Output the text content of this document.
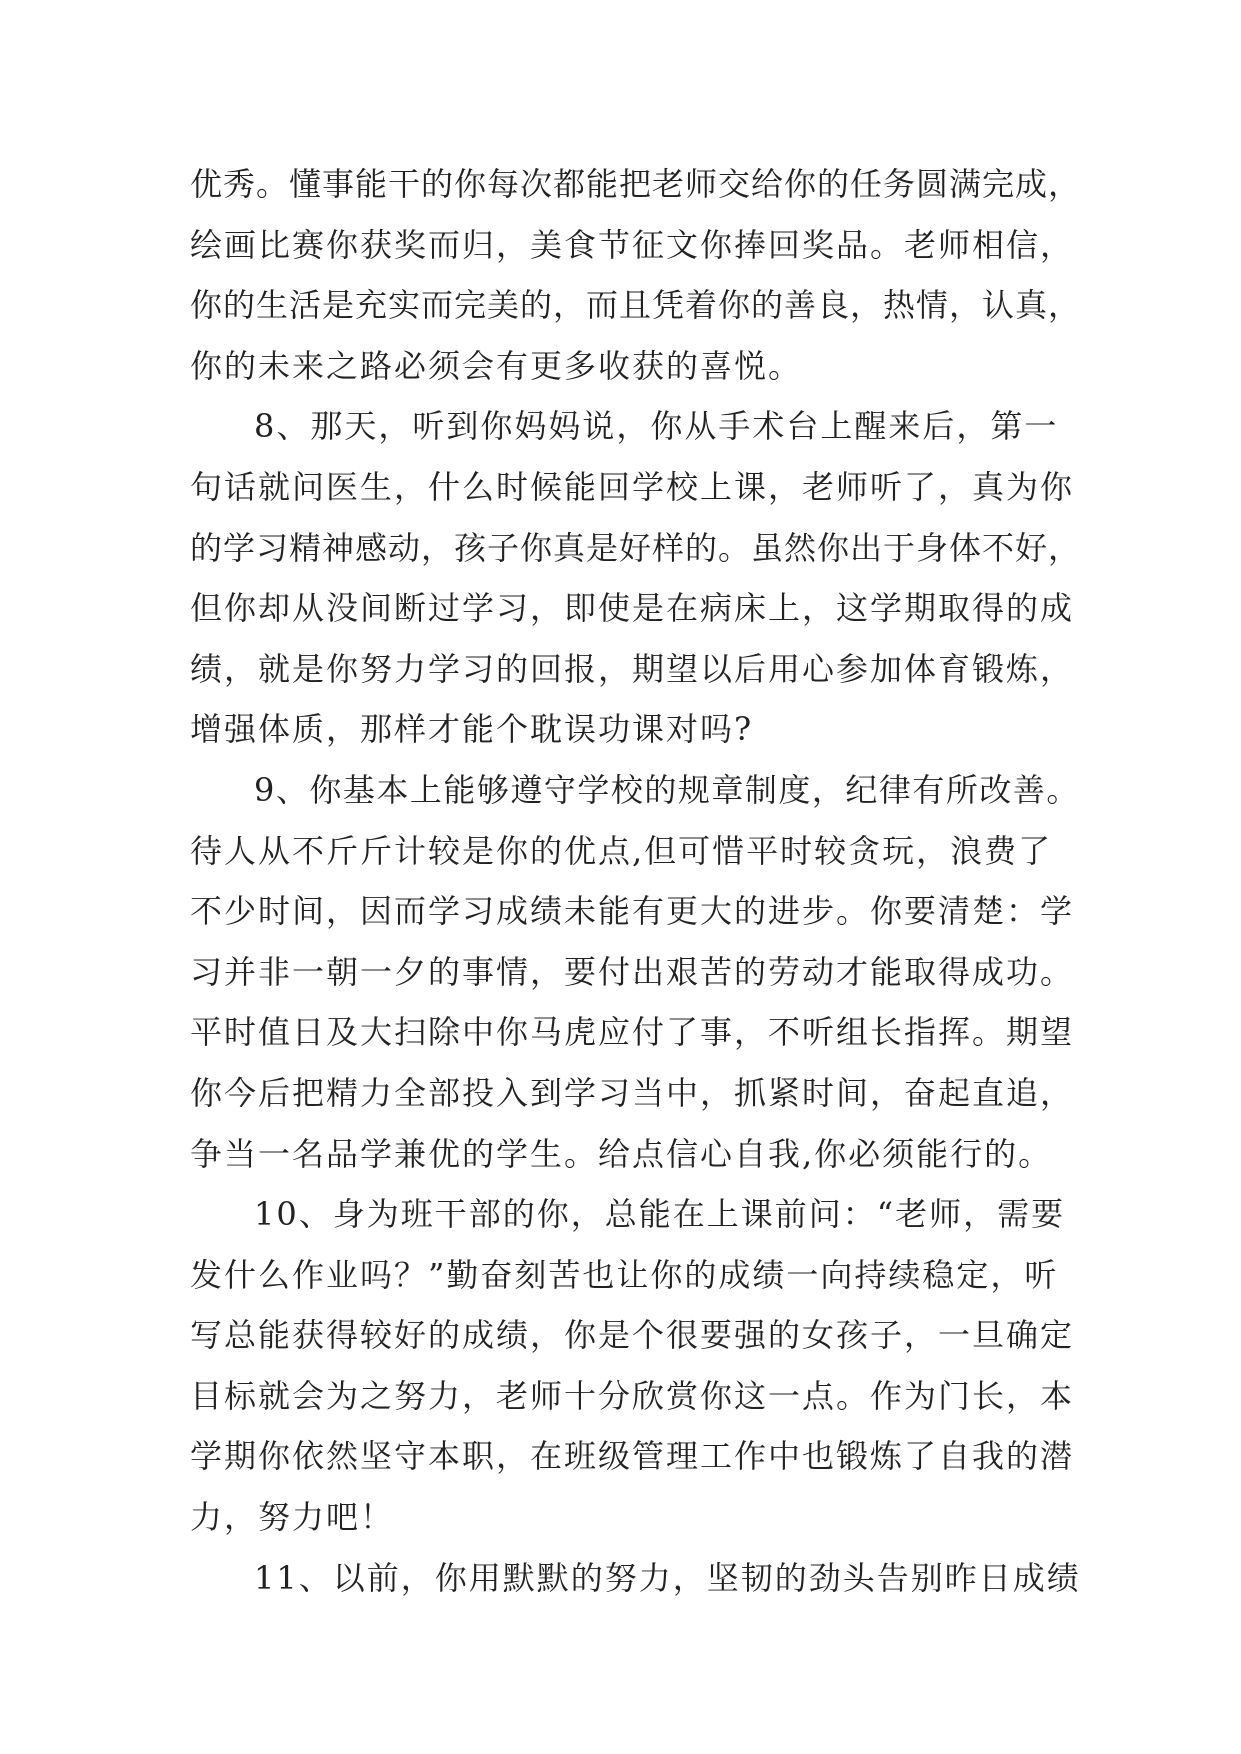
优秀。懂事能干的你每次都能把老师交给你的任务圆满完成，
绘画比赛你获奖而归，美食节征文你捧回奖品。老师相信，
你的生活是充实而完美的，而且凭着你的善良，热情，认真，
你的未来之路必须会有更多收获的喜悦。
8、那天，听到你妈妈说，你从手术台上醒来后，第一
句话就问医生，什么时候能回学校上课，老师听了，真为你
的学习精神感动，孩子你真是好样的。虽然你出于身体不好，
但你却从没间断过学习，即使是在病床上，这学期取得的成
绩，就是你努力学习的回报，期望以后用心参加体育锻炼，
增强体质，那样才能个耽误功课对吗?
9、你基本上能够遵守学校的规章制度，纪律有所改善。
待人从不斤斤计较是你的优点,但可惜平时较贪玩，浪费了
不少时间，因而学习成绩未能有更大的进步。你要清楚：学
习并非一朝一夕的事情，要付出艰苦的劳动才能取得成功。
平时值日及大扫除中你马虎应付了事，不听组长指挥。期望
你今后把精力全部投入到学习当中，抓紧时间，奋起直追，
争当一名品学兼优的学生。给点信心自我,你必须能行的。
10、身为班干部的你，总能在上课前问：“老师，需要
发什么作业吗？”勤奋刻苦也让你的成绩一向持续稳定，听
写总能获得较好的成绩，你是个很要强的女孩子，一旦确定
目标就会为之努力，老师十分欣赏你这一点。作为门长，本
学期你依然坚守本职，在班级管理工作中也锻炼了自我的潜
力，努力吧！
11、以前，你用默默的努力，坚韧的劲头告别昨日成绩
